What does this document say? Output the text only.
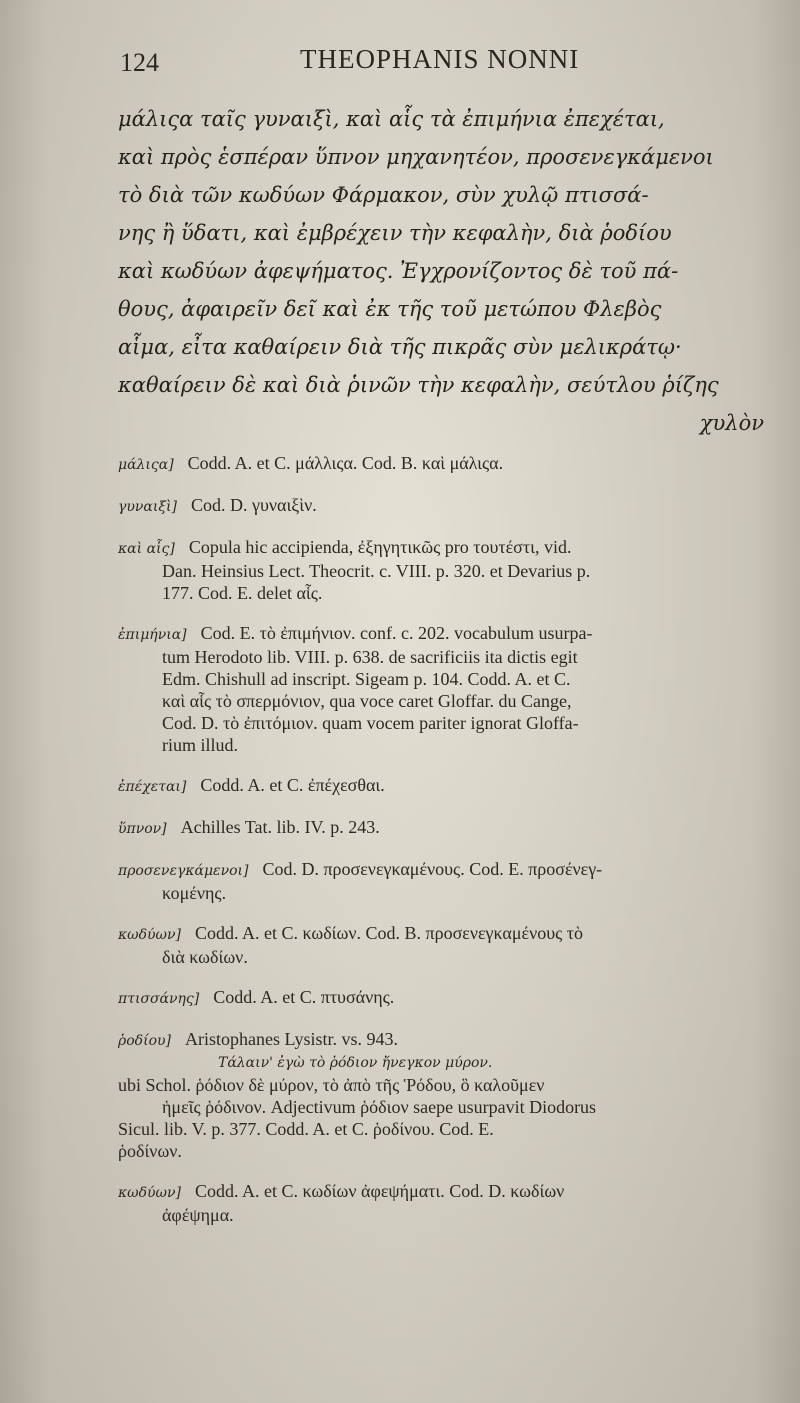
124	THEOPHANIS NONNI
μάλιςα ταῖς γυναιξὶ, καὶ αἷς τὰ ἐπιμήνια ἐπεχέται,
καὶ πρὸς ἑσπέραν ὕπνον μηχανητέον, προσενεγκάμενοι
τὸ διὰ τῶν κωδύων Φάρμακον, σὺν χυλῷ πτισσά-
νης ἢ ὕδατι, καὶ ἐμβρέχειν τὴν κεφαλὴν, διὰ ῥοδίου
καὶ κωδύων ἀφεψήματος. Ἐγχρονίζοντος δὲ τοῦ πά-
θους, ἀφαιρεῖν δεῖ καὶ ἐκ τῆς τοῦ μετώπου Φλεβὸς
αἷμα, εἶτα καθαίρειν διὰ τῆς πικρᾶς σὺν μελικράτῳ·
καθαίρειν δὲ καὶ διὰ ῥινῶν τὴν κεφαλὴν, σεύτλου ῥίζης
χυλὸν
μάλιςα] Codd. A. et C. μάλλιςα. Cod. B. καὶ μάλιςα.
γυναιξὶ] Cod. D. γυναιξὶν.
καὶ αἷς] Copula hic accipienda, ἐξηγητικῶς pro τουτέστι, vid.
Dan. Heinsius Lect. Theocrit. c. VIII. p. 320. et Devarius p.
177. Cod. E. delet αἷς.
ἐπιμήνια] Cod. E. τὸ ἐπιμήνιον. conf. c. 202. vocabulum usurpa-
tum Herodoto lib. VIII. p. 638. de sacrificiis ita dictis egit
Edm. Chishull ad inscript. Sigeam p. 104. Codd. A. et C.
καὶ αἷς τὸ σπερμόνιον, qua voce caret Gloffar. du Cange,
Cod. D. τὸ ἐπιτόμιον. quam vocem pariter ignorat Gloffa-
rium illud.
ἐπέχεται] Codd. A. et C. ἐπέχεσθαι.
ὕπνον] Achilles Tat. lib. IV. p. 243.
προσενεγκάμενοι] Cod. D. προσενεγκαμένους. Cod. E. προσένεγ-
κομένης.
κωδύων] Codd. A. et C. κωδίων. Cod. B. προσενεγκαμένους τὸ
διὰ κωδίων.
πτισσάνης] Codd. A. et C. πτυσάνης.
ῥοδίου] Aristophanes Lysistr. vs. 943.
Τάλαιν' ἐγὼ τὸ ῥόδιον ἤνεγκον μύρον.
ubi Schol. ῥόδιον δὲ μύρον, τὸ ἀπὸ τῆς Ῥόδου, ὃ καλοῦμεν
ἡμεῖς ῥόδινον. Adjectivum ῥόδιον saepe usurpavit Diodorus
Sicul. lib. V. p. 377. Codd. A. et C. ῥοδίνου. Cod. E.
ῥοδίνων.
κωδύων] Codd. A. et C. κωδίων ἀφεψήματι. Cod. D. κωδίων
ἀφέψημα.
